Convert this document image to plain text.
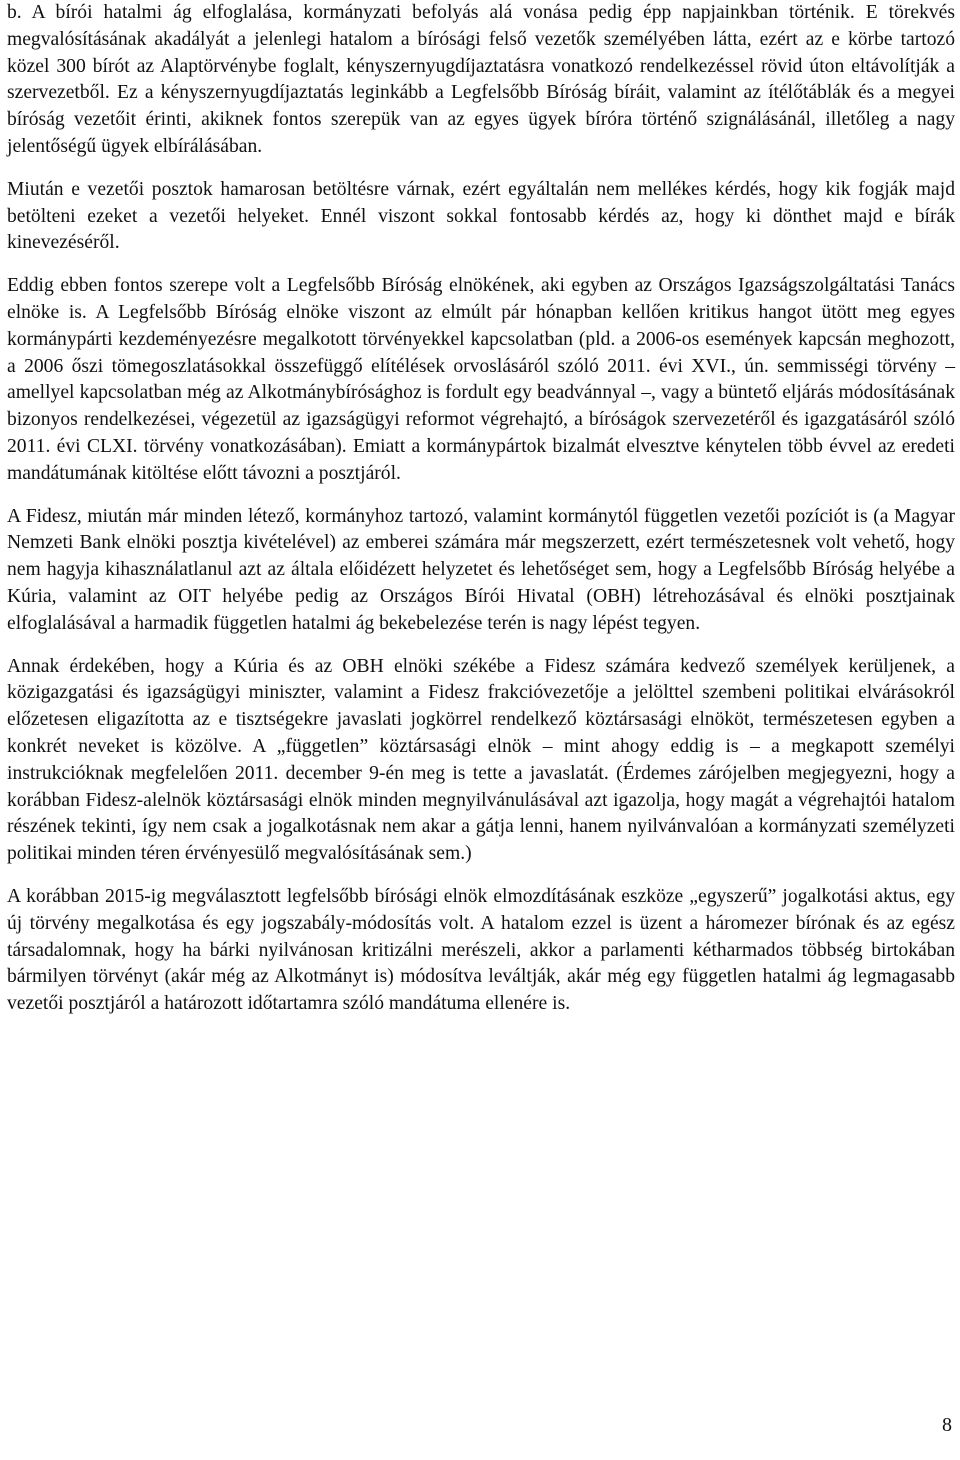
b. A bírói hatalmi ág elfoglalása, kormányzati befolyás alá vonása pedig épp napjainkban történik. E törekvés megvalósításának akadályát a jelenlegi hatalom a bírósági felső vezetők személyében látta, ezért az e körbe tartozó közel 300 bírót az Alaptörvénybe foglalt, kényszernyugdíjaztatásra vonatkozó rendelkezéssel rövid úton eltávolítják a szervezetből. Ez a kényszernyugdíjaztatás leginkább a Legfelsőbb Bíróság bíráit, valamint az ítélőtáblák és a megyei bíróság vezetőit érinti, akiknek fontos szerepük van az egyes ügyek bíróra történő szignálásánál, illetőleg a nagy jelentőségű ügyek elbírálásában.

Miután e vezetői posztok hamarosan betöltésre várnak, ezért egyáltalán nem mellékes kérdés, hogy kik fogják majd betölteni ezeket a vezetői helyeket. Ennél viszont sokkal fontosabb kérdés az, hogy ki dönthet majd e bírák kinevezéséről.

Eddig ebben fontos szerepe volt a Legfelsőbb Bíróság elnökének, aki egyben az Országos Igazságszolgáltatási Tanács elnöke is. A Legfelsőbb Bíróság elnöke viszont az elmúlt pár hónapban kellően kritikus hangot ütött meg egyes kormánypárti kezdeményezésre megalkotott törvényekkel kapcsolatban (pld. a 2006-os események kapcsán meghozott, a 2006 őszi tömegoszlatásokkal összefüggő elítélések orvoslásáról szóló 2011. évi XVI., ún. semmisségi törvény – amellyel kapcsolatban még az Alkotmánybírósághoz is fordult egy beadvánnyal –, vagy a büntető eljárás módosításának bizonyos rendelkezései, végezetül az igazságügyi reformot végrehajtó, a bíróságok szervezetéről és igazgatásáról szóló 2011. évi CLXI. törvény vonatkozásában). Emiatt a kormánypártok bizalmát elvesztve kénytelen több évvel az eredeti mandátumának kitöltése előtt távozni a posztjáról.

A Fidesz, miután már minden létező, kormányhoz tartozó, valamint kormánytól független vezetői pozíciót is (a Magyar Nemzeti Bank elnöki posztja kivételével) az emberei számára már megszerzett, ezért természetesnek volt vehető, hogy nem hagyja kihasználatlanul azt az általa előidézett helyzetet és lehetőséget sem, hogy a Legfelsőbb Bíróság helyébe a Kúria, valamint az OIT helyébe pedig az Országos Bírói Hivatal (OBH) létrehozásával és elnöki posztjainak elfoglalásával a harmadik független hatalmi ág bekebelezése terén is nagy lépést tegyen.

Annak érdekében, hogy a Kúria és az OBH elnöki székébe a Fidesz számára kedvező személyek kerüljenek, a közigazgatási és igazságügyi miniszter, valamint a Fidesz frakcióvezetője a jelölttel szembeni politikai elvárásokról előzetesen eligazította az e tisztségekre javaslati jogkörrel rendelkező köztársasági elnököt, természetesen egyben a konkrét neveket is közölve. A „független” köztársasági elnök – mint ahogy eddig is – a megkapott személyi instrukcióknak megfelelően 2011. december 9-én meg is tette a javaslatát. (Érdemes zárójelben megjegyezni, hogy a korábban Fidesz-alelnök köztársasági elnök minden megnyilvánulásával azt igazolja, hogy magát a végrehajtói hatalom részének tekinti, így nem csak a jogalkotásnak nem akar a gátja lenni, hanem nyilvánvalóan a kormányzati személyzeti politikai minden téren érvényesülő megvalósításának sem.)

A korábban 2015-ig megválasztott legfelsőbb bírósági elnök elmozdításának eszköze „egyszerű” jogalkotási aktus, egy új törvény megalkotása és egy jogszabály-módosítás volt. A hatalom ezzel is üzent a háromezer bírónak és az egész társadalomnak, hogy ha bárki nyilvánosan kritizálni merészeli, akkor a parlamenti kétharmados többség birtokában bármilyen törvényt (akár még az Alkotmányt is) módosítva leváltják, akár még egy független hatalmi ág legmagasabb vezetői posztjáról a határozott időtartamra szóló mandátuma ellenére is.

8
